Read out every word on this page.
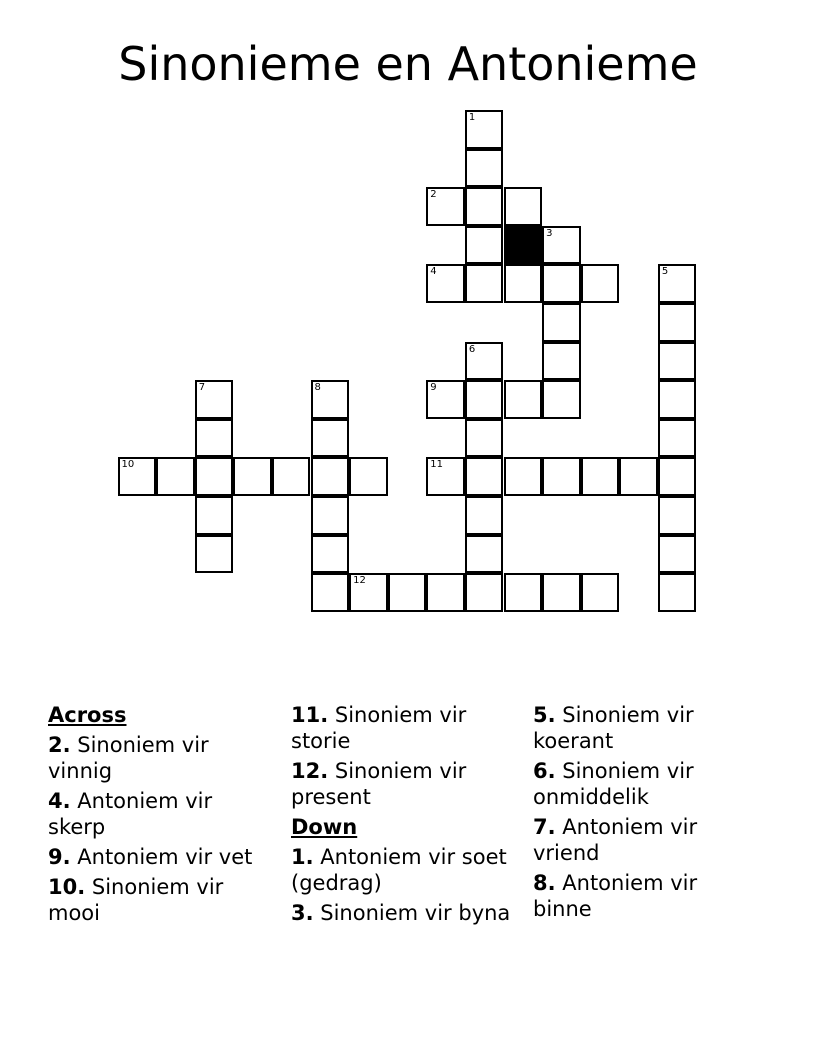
Sinonieme en Antonieme
1
2
3
4	5
6
7	8	9
10	11
12
Across
2. Sinoniem vir vinnig
4. Antoniem vir skerp
9. Antoniem vir vet
10. Sinoniem vir mooi
11. Sinoniem vir storie
12. Sinoniem vir present
Down
1. Antoniem vir soet (gedrag)
3. Sinoniem vir byna
5. Sinoniem vir koerant
6. Sinoniem vir onmiddelik
7. Antoniem vir vriend
8. Antoniem vir binne
